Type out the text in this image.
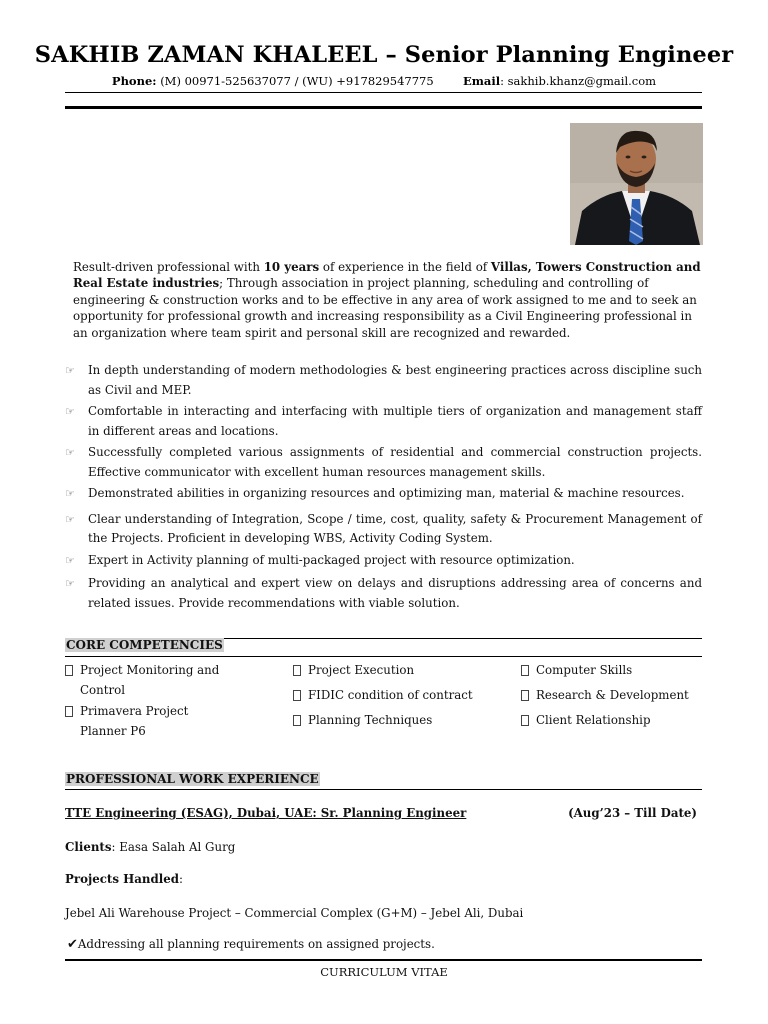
SAKHIB ZAMAN KHALEEL – Senior Planning Engineer
Phone: (M) 00971-525637077 / (WU) +917829547775	Email: sakhib.khanz@gmail.com
Result-driven professional with 10 years of experience in the field of Villas, Towers Construction and Real Estate industries; Through association in project planning, scheduling and controlling of engineering & construction works and to be effective in any area of work assigned to me and to seek an opportunity for professional growth and increasing responsibility as a Civil Engineering professional in an organization where team spirit and personal skill are recognized and rewarded.
☞ In depth understanding of modern methodologies & best engineering practices across discipline such as Civil and MEP.
☞ Comfortable in interacting and interfacing with multiple tiers of organization and management staff in different areas and locations.
☞ Successfully completed various assignments of residential and commercial construction projects. Effective communicator with excellent human resources management skills.
☞ Demonstrated abilities in organizing resources and optimizing man, material & machine resources.
☞ Clear understanding of Integration, Scope / time, cost, quality, safety & Procurement Management of the Projects. Proficient in developing WBS, Activity Coding System.
☞ Expert in Activity planning of multi-packaged project with resource optimization.
☞ Providing an analytical and expert view on delays and disruptions addressing area of concerns and related issues. Provide recommendations with viable solution.
CORE COMPETENCIES
Project Monitoring and Control
Primavera Project Planner P6
Project Execution
FIDIC condition of contract
Planning Techniques
Computer Skills
Research & Development
Client Relationship
PROFESSIONAL WORK EXPERIENCE
TTE Engineering (ESAG), Dubai, UAE: Sr. Planning Engineer	(Aug’23 – Till Date)
Clients: Easa Salah Al Gurg
Projects Handled:
Jebel Ali Warehouse Project – Commercial Complex (G+M) – Jebel Ali, Dubai
✔Addressing all planning requirements on assigned projects.
CURRICULUM VITAE
